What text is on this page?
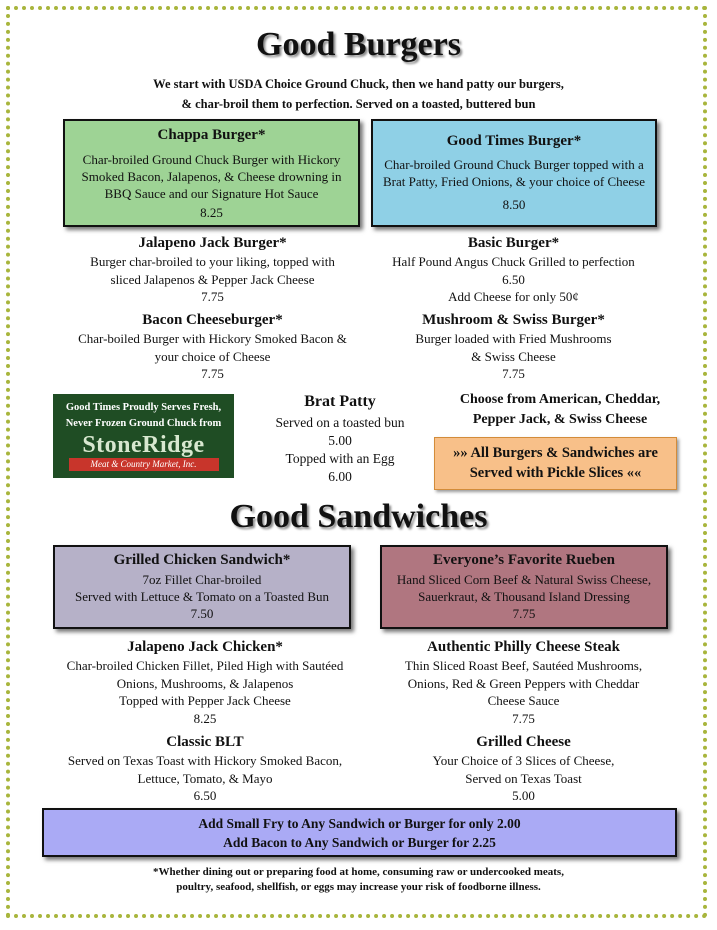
Good Burgers
We start with USDA Choice Ground Chuck, then we hand patty our burgers,
& char-broil them to perfection. Served on a toasted, buttered bun
Chappa Burger*
Char-broiled Ground Chuck Burger with Hickory
Smoked Bacon, Jalapenos, & Cheese drowning in
BBQ Sauce and our Signature Hot Sauce
8.25
Good Times Burger*
Char-broiled Ground Chuck Burger topped with a
Brat Patty, Fried Onions, & your choice of Cheese
8.50
Jalapeno Jack Burger*
Burger char-broiled to your liking, topped with
sliced Jalapenos & Pepper Jack Cheese
7.75
Basic Burger*
Half Pound Angus Chuck Grilled to perfection
6.50
Add Cheese for only 50¢
Bacon Cheeseburger*
Char-boiled Burger with Hickory Smoked Bacon &
your choice of Cheese
7.75
Mushroom & Swiss Burger*
Burger loaded with Fried Mushrooms
& Swiss Cheese
7.75
Good Times Proudly Serves Fresh,
Never Frozen Ground Chuck from
StoneRidge
Meat & Country Market, Inc.
Brat Patty
Served on a toasted bun
5.00
Topped with an Egg
6.00
Choose from American, Cheddar,
Pepper Jack, & Swiss Cheese
»» All Burgers & Sandwiches are
Served with Pickle Slices ««
Good Sandwiches
Grilled Chicken Sandwich*
7oz Fillet Char-broiled
Served with Lettuce & Tomato on a Toasted Bun
7.50
Everyone’s Favorite Rueben
Hand Sliced Corn Beef & Natural Swiss Cheese,
Sauerkraut, & Thousand Island Dressing
7.75
Jalapeno Jack Chicken*
Char-broiled Chicken Fillet, Piled High with Sautéed
Onions, Mushrooms, & Jalapenos
Topped with Pepper Jack Cheese
8.25
Authentic Philly Cheese Steak
Thin Sliced Roast Beef, Sautéed Mushrooms,
Onions, Red & Green Peppers with Cheddar
Cheese Sauce
7.75
Classic BLT
Served on Texas Toast with Hickory Smoked Bacon,
Lettuce, Tomato, & Mayo
6.50
Grilled Cheese
Your Choice of 3 Slices of Cheese,
Served on Texas Toast
5.00
Add Small Fry to Any Sandwich or Burger for only 2.00
Add Bacon to Any Sandwich or Burger for 2.25
*Whether dining out or preparing food at home, consuming raw or undercooked meats,
poultry, seafood, shellfish, or eggs may increase your risk of foodborne illness.
